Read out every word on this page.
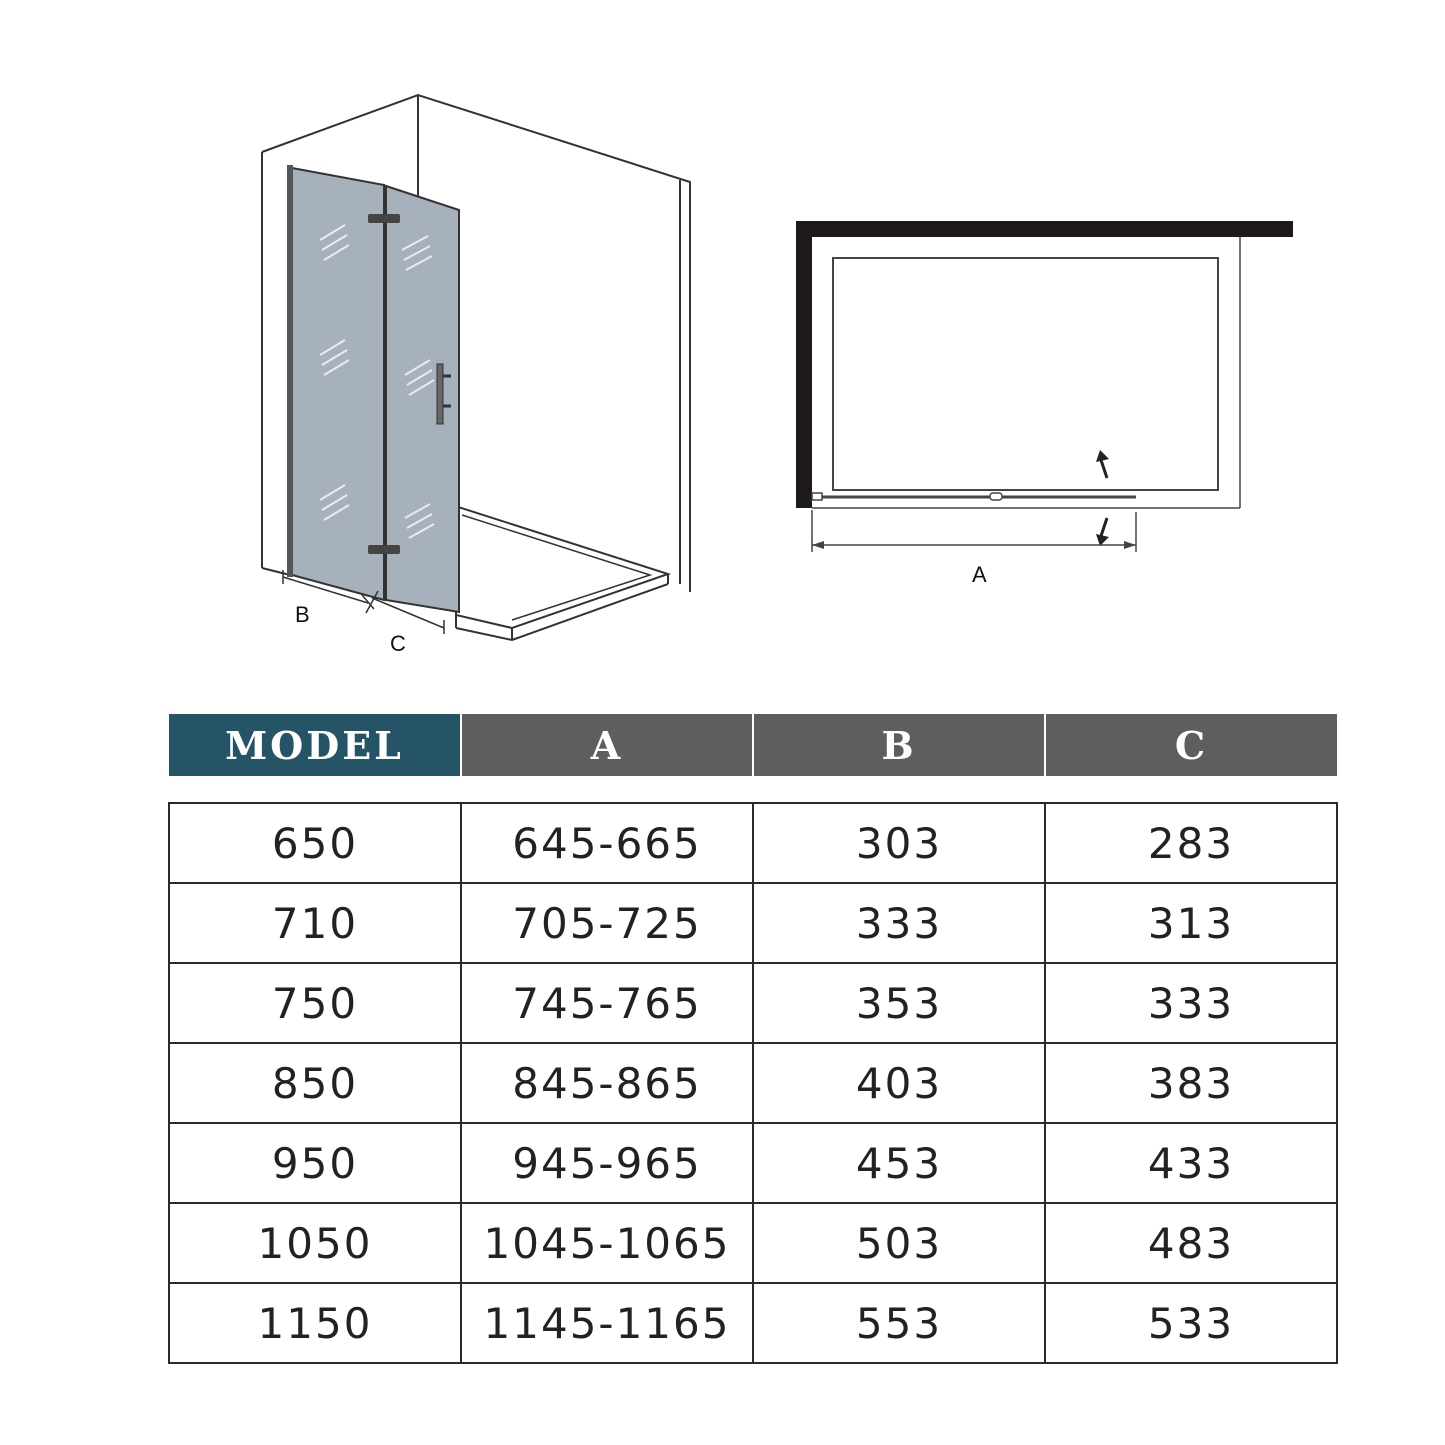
B
C
A
MODEL	A	B	C

650	645-665	303	283
710	705-725	333	313
750	745-765	353	333
850	845-865	403	383
950	945-965	453	433
1050	1045-1065	503	483
1150	1145-1165	553	533
